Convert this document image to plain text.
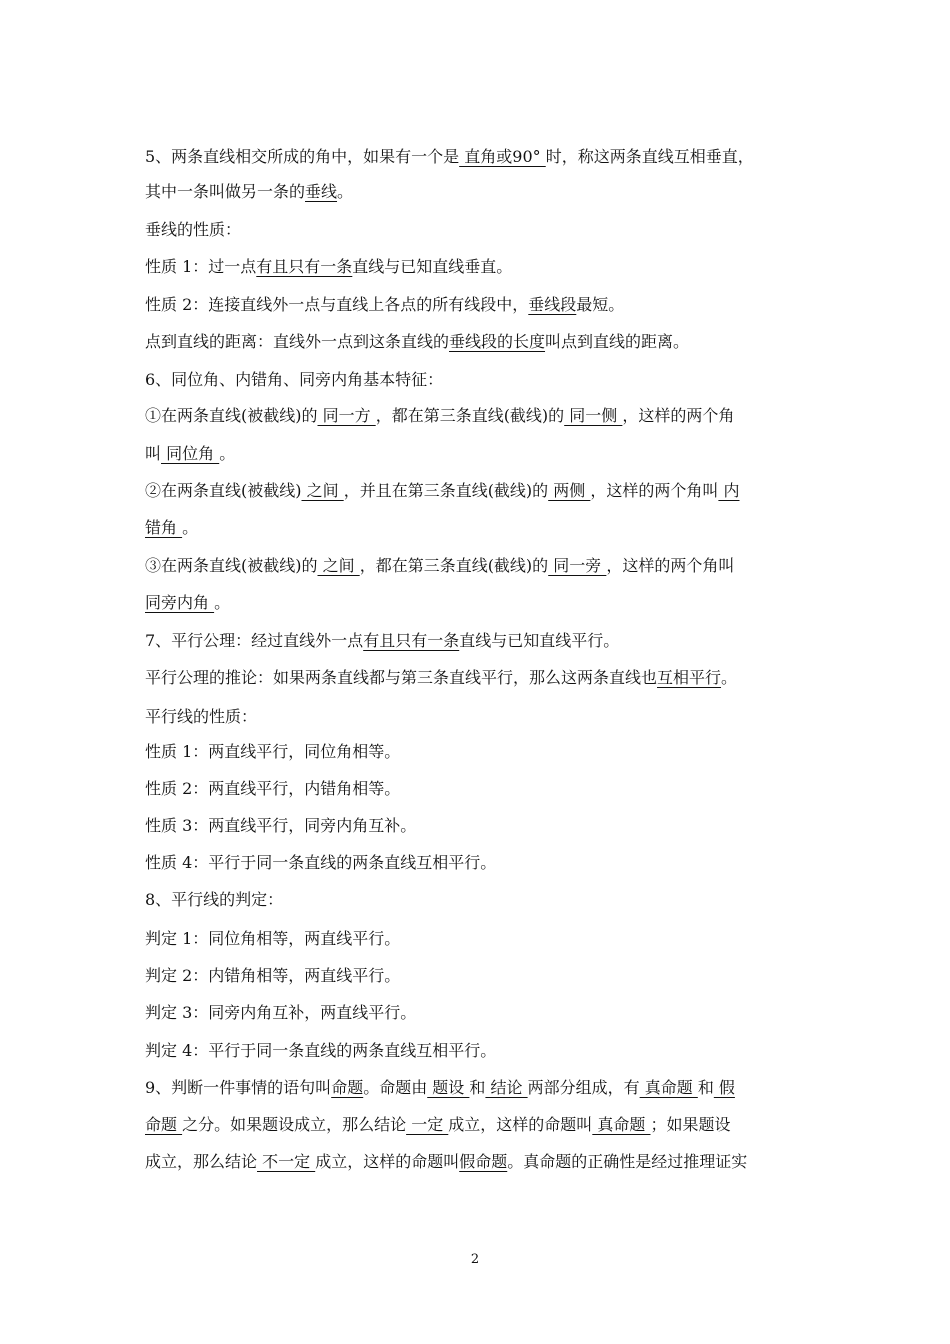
5、两条直线相交所成的角中，如果有一个是 直角或90° 时，称这两条直线互相垂直，
其中一条叫做另一条的垂线。
垂线的性质：
性质 1：过一点有且只有一条直线与已知直线垂直。
性质 2：连接直线外一点与直线上各点的所有线段中，垂线段最短。
点到直线的距离：直线外一点到这条直线的垂线段的长度叫点到直线的距离。
6、同位角、内错角、同旁内角基本特征：
①在两条直线(被截线)的 同一方 ，都在第三条直线(截线)的 同一侧 ，这样的两个角
叫 同位角 。
②在两条直线(被截线) 之间 ，并且在第三条直线(截线)的 两侧 ，这样的两个角叫 内
错角 。
③在两条直线(被截线)的 之间 ，都在第三条直线(截线)的 同一旁 ，这样的两个角叫
同旁内角 。
7、平行公理：经过直线外一点有且只有一条直线与已知直线平行。
平行公理的推论：如果两条直线都与第三条直线平行，那么这两条直线也互相平行。
平行线的性质：
性质 1：两直线平行，同位角相等。
性质 2：两直线平行，内错角相等。
性质 3：两直线平行，同旁内角互补。
性质 4：平行于同一条直线的两条直线互相平行。
8、平行线的判定：
判定 1：同位角相等，两直线平行。
判定 2：内错角相等，两直线平行。
判定 3：同旁内角互补，两直线平行。
判定 4：平行于同一条直线的两条直线互相平行。
9、判断一件事情的语句叫命题。命题由 题设 和 结论 两部分组成，有 真命题 和 假
命题 之分。如果题设成立，那么结论 一定 成立，这样的命题叫 真命题 ；如果题设
成立，那么结论 不一定 成立，这样的命题叫假命题。真命题的正确性是经过推理证实
2
